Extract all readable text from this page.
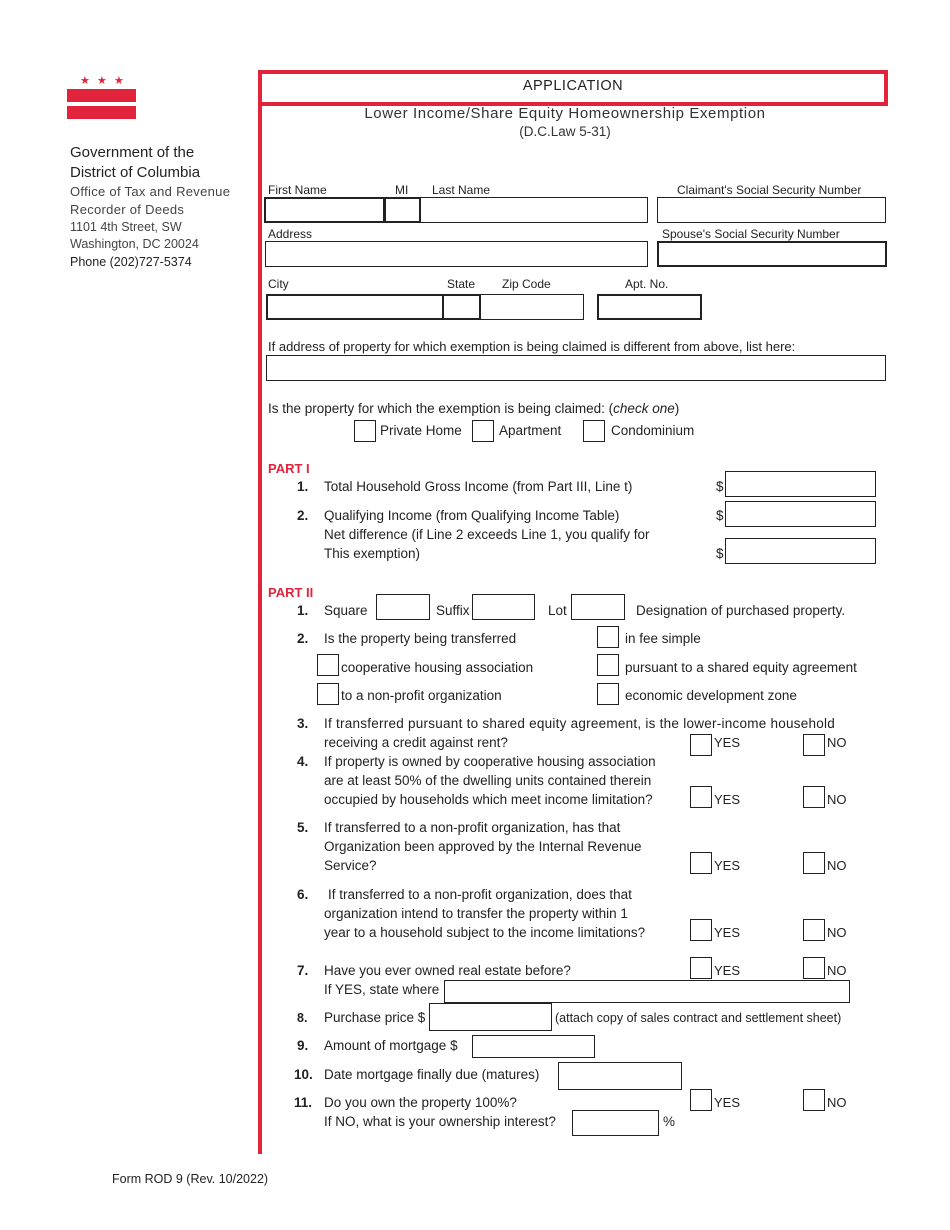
★ ★ ★
Government of the
District of Columbia
Office of Tax and Revenue
Recorder of Deeds
1101 4th Street, SW
Washington, DC 20024
Phone (202)727-5374
APPLICATION
Lower Income/Share Equity Homeownership Exemption
(D.C.Law 5-31)
First Name	MI Last Name	Claimant's Social Security Number
Address	Spouse's Social Security Number
City	State Zip Code	Apt. No.
If address of property for which exemption is being claimed is different from above, list here:
Is the property for which the exemption is being claimed: (check one)
Private Home	Apartment	Condominium
PART I
1. Total Household Gross Income (from Part III, Line t)	$
2. Qualifying Income (from Qualifying Income Table)	$
Net difference (if Line 2 exceeds Line 1, you qualify for
This exemption)	$
PART II
1. Square	Suffix	Lot	Designation of purchased property.
2. Is the property being transferred	in fee simple
cooperative housing association	pursuant to a shared equity agreement
to a non-profit organization	economic development zone
3. If transferred pursuant to shared equity agreement, is the lower-income household
receiving a credit against rent?	YES	NO
4. If property is owned by cooperative housing association
are at least 50% of the dwelling units contained therein
occupied by households which meet income limitation?	YES	NO
5. If transferred to a non-profit organization, has that
Organization been approved by the Internal Revenue
Service?	YES	NO
6. If transferred to a non-profit organization, does that
organization intend to transfer the property within 1
year to a household subject to the income limitations?	YES	NO
7. Have you ever owned real estate before?	YES	NO
If YES, state where
8. Purchase price $	(attach copy of sales contract and settlement sheet)
9. Amount of mortgage $
10. Date mortgage finally due (matures)
11. Do you own the property 100%?	YES	NO
If NO, what is your ownership interest?	%
Form ROD 9 (Rev. 10/2022)
